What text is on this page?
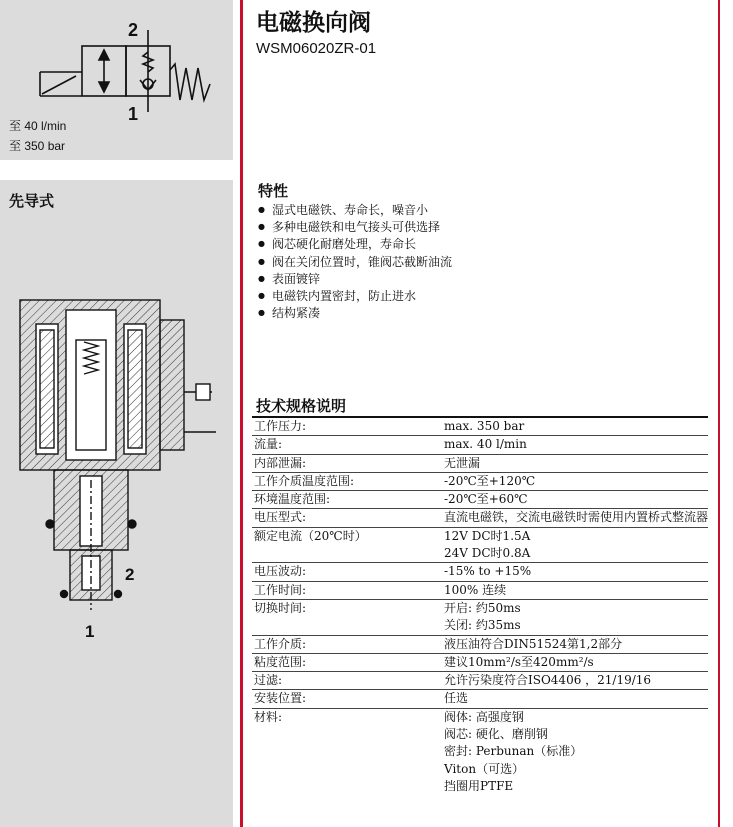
2
1
至 40 l/min
至 350 bar
先导式
2
1
电磁换向阀
WSM06020ZR-01
特性
● 湿式电磁铁、寿命长，噪音小
● 多种电磁铁和电气接头可供选择
● 阀芯硬化耐磨处理，寿命长
● 阀在关闭位置时，锥阀芯截断油流
● 表面镀锌
● 电磁铁内置密封，防止进水
● 结构紧凑
技术规格说明
工作压力:	max. 350 bar
流量:	max. 40 l/min
内部泄漏:	无泄漏
工作介质温度范围:	-20℃至+120℃
环境温度范围:	-20℃至+60℃
电压型式:	直流电磁铁，交流电磁铁时需使用内置桥式整流器
额定电流（20℃时）	12V DC时1.5A
24V DC时0.8A
电压波动:	-15% to +15%
工作时间:	100% 连续
切换时间:	开启: 约50ms
关闭: 约35ms
工作介质:	液压油符合DIN51524第1,2部分
粘度范围:	建议10mm²/s至420mm²/s
过滤:	允许污染度符合ISO4406 ，21/19/16
安装位置:	任选
材料:	阀体: 高强度钢
阀芯: 硬化、磨削钢
密封: Perbunan（标准）
Viton（可选）
挡圈用PTFE
